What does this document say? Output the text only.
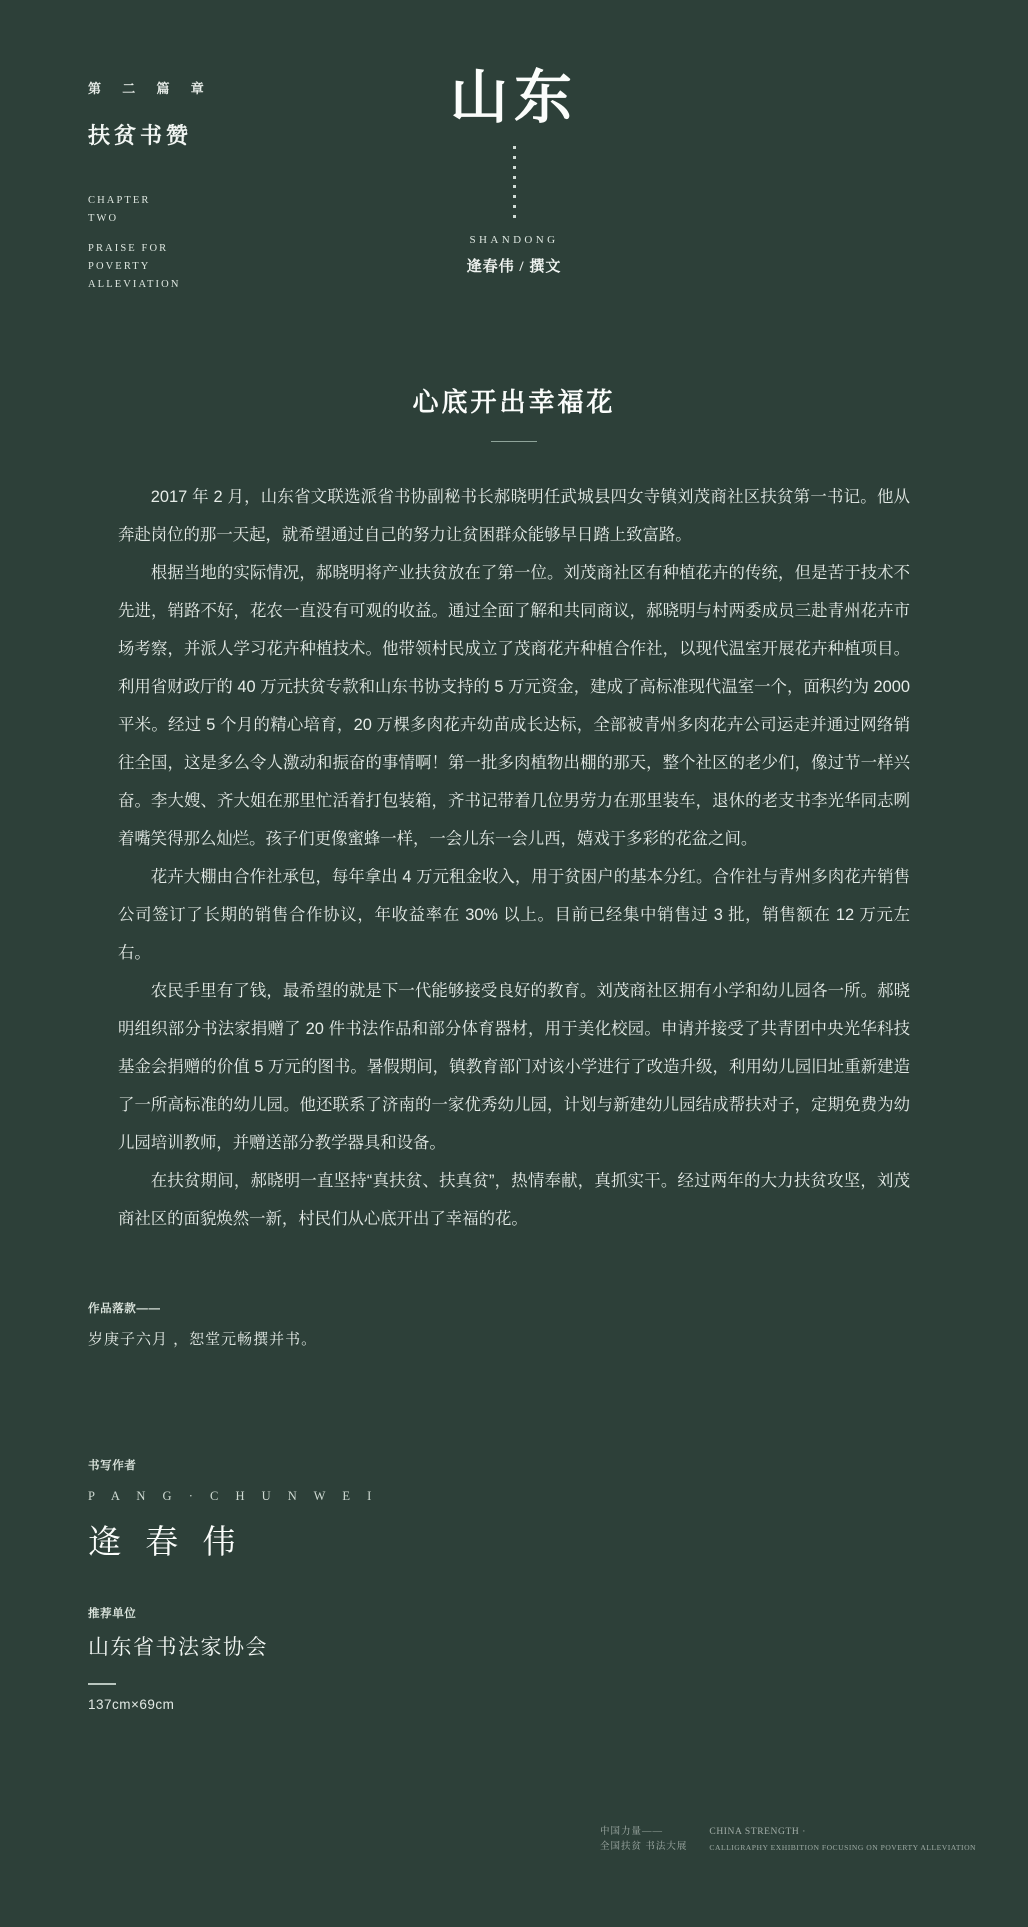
第 二 篇 章
扶贫书赞
CHAPTER
TWO
PRAISE FOR
POVERTY
ALLEVIATION
山东
SHANDONG
逄春伟 / 撰文
心底开出幸福花

2017 年 2 月，山东省文联选派省书协副秘书长郝晓明任武城县四女寺镇刘茂商社区扶贫第一书记。他从奔赴岗位的那一天起，就希望通过自己的努力让贫困群众能够早日踏上致富路。

根据当地的实际情况，郝晓明将产业扶贫放在了第一位。刘茂商社区有种植花卉的传统，但是苦于技术不先进，销路不好，花农一直没有可观的收益。通过全面了解和共同商议，郝晓明与村两委成员三赴青州花卉市场考察，并派人学习花卉种植技术。他带领村民成立了茂商花卉种植合作社，以现代温室开展花卉种植项目。利用省财政厅的 40 万元扶贫专款和山东书协支持的 5 万元资金，建成了高标准现代温室一个，面积约为 2000 平米。经过 5 个月的精心培育，20 万棵多肉花卉幼苗成长达标，全部被青州多肉花卉公司运走并通过网络销往全国，这是多么令人激动和振奋的事情啊！第一批多肉植物出棚的那天，整个社区的老少们，像过节一样兴奋。李大嫂、齐大姐在那里忙活着打包装箱，齐书记带着几位男劳力在那里装车，退休的老支书李光华同志咧着嘴笑得那么灿烂。孩子们更像蜜蜂一样，一会儿东一会儿西，嬉戏于多彩的花盆之间。

花卉大棚由合作社承包，每年拿出 4 万元租金收入，用于贫困户的基本分红。合作社与青州多肉花卉销售公司签订了长期的销售合作协议，年收益率在 30% 以上。目前已经集中销售过 3 批，销售额在 12 万元左右。

农民手里有了钱，最希望的就是下一代能够接受良好的教育。刘茂商社区拥有小学和幼儿园各一所。郝晓明组织部分书法家捐赠了 20 件书法作品和部分体育器材，用于美化校园。申请并接受了共青团中央光华科技基金会捐赠的价值 5 万元的图书。暑假期间，镇教育部门对该小学进行了改造升级，利用幼儿园旧址重新建造了一所高标准的幼儿园。他还联系了济南的一家优秀幼儿园，计划与新建幼儿园结成帮扶对子，定期免费为幼儿园培训教师，并赠送部分教学器具和设备。

在扶贫期间，郝晓明一直坚持“真扶贫、扶真贫”，热情奉献，真抓实干。经过两年的大力扶贫攻坚，刘茂商社区的面貌焕然一新，村民们从心底开出了幸福的花。

作品落款——
岁庚子六月 ，恕堂元畅撰并书。
书写作者
P A N G · C H U N W E I
逄 春 伟
推荐单位
山东省书法家协会
137cm×69cm
中国力量——
全国扶贫 书法大展
CHINA STRENGTH ·
CALLIGRAPHY EXHIBITION FOCUSING ON POVERTY ALLEVIATION
